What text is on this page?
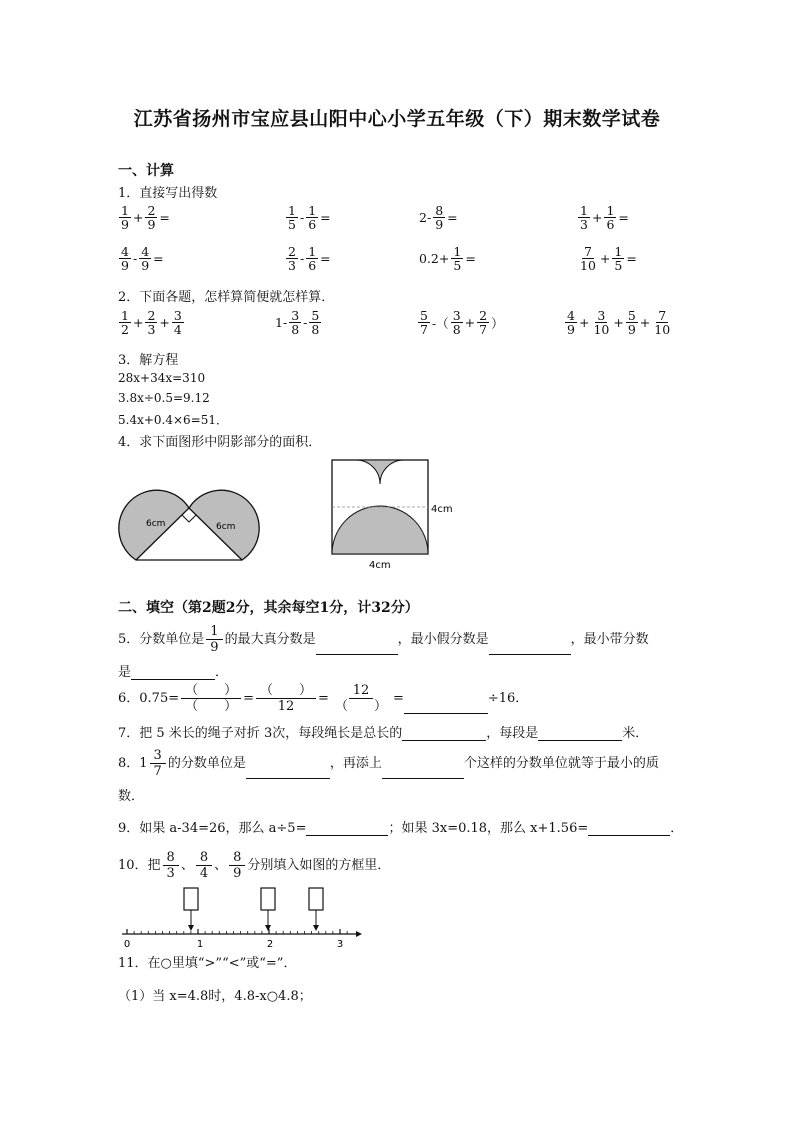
江苏省扬州市宝应县山阳中心小学五年级（下）期末数学试卷
一、计算
1．直接写出得数
$\frac{1}{9} + \frac{2}{9}$ =	$\frac{1}{5} - \frac{1}{6}$ =	$2- \frac{8}{9}$ =	$\frac{1}{3} + \frac{1}{6}$ =
$\frac{4}{9} - \frac{4}{9}$ =	$\frac{2}{3} - \frac{1}{6}$ =	$0.2+ \frac{1}{5}$ =	$\frac{7}{10} + \frac{1}{5}$ =
2．下面各题，怎样算简便就怎样算．
$\frac{1}{2} + \frac{2}{3} + \frac{3}{4}$	$1- \frac{3}{8} - \frac{5}{8}$	$\frac{5}{7}$ -（ $\frac{3}{8} + \frac{2}{7}$ ）	$\frac{4}{9} + \frac{3}{10} + \frac{5}{9} + \frac{7}{10}$
3．解方程
28x+34x=310
3.8x÷0.5=9.12
5.4x+0.4×6=51．
4．求下面图形中阴影部分的面积．
6cm	6cm
4cm
4cm
二、填空（第2题2分，其余每空1分，计32分）
5．分数单位是 $\frac{1}{9}$ 的最大真分数是	，最小假分数是	，最小带分数
是	．
6．0.75=
（　　）
（　　）
=
（　　）
12
=
12
（　　）
=	÷16．
7．把 5 米长的绳子对折 3次，每段绳长是总长的	，每段是	米．
8．$1 \frac{3}{7}$ 的分数单位是	，再添上	个这样的分数单位就等于最小的质
数．
9．如果 a-34=26，那么 a÷5=	；如果 3x=0.18，那么 x+1.56=	．
10．把 $\frac{8}{3}$ 、 $\frac{8}{4}$ 、 $\frac{8}{9}$ 分别填入如图的方框里．
0	1	2	3
11．在○里填“>”“<”或“=”．
（1）当 x=4.8时，4.8-x○4.8；
